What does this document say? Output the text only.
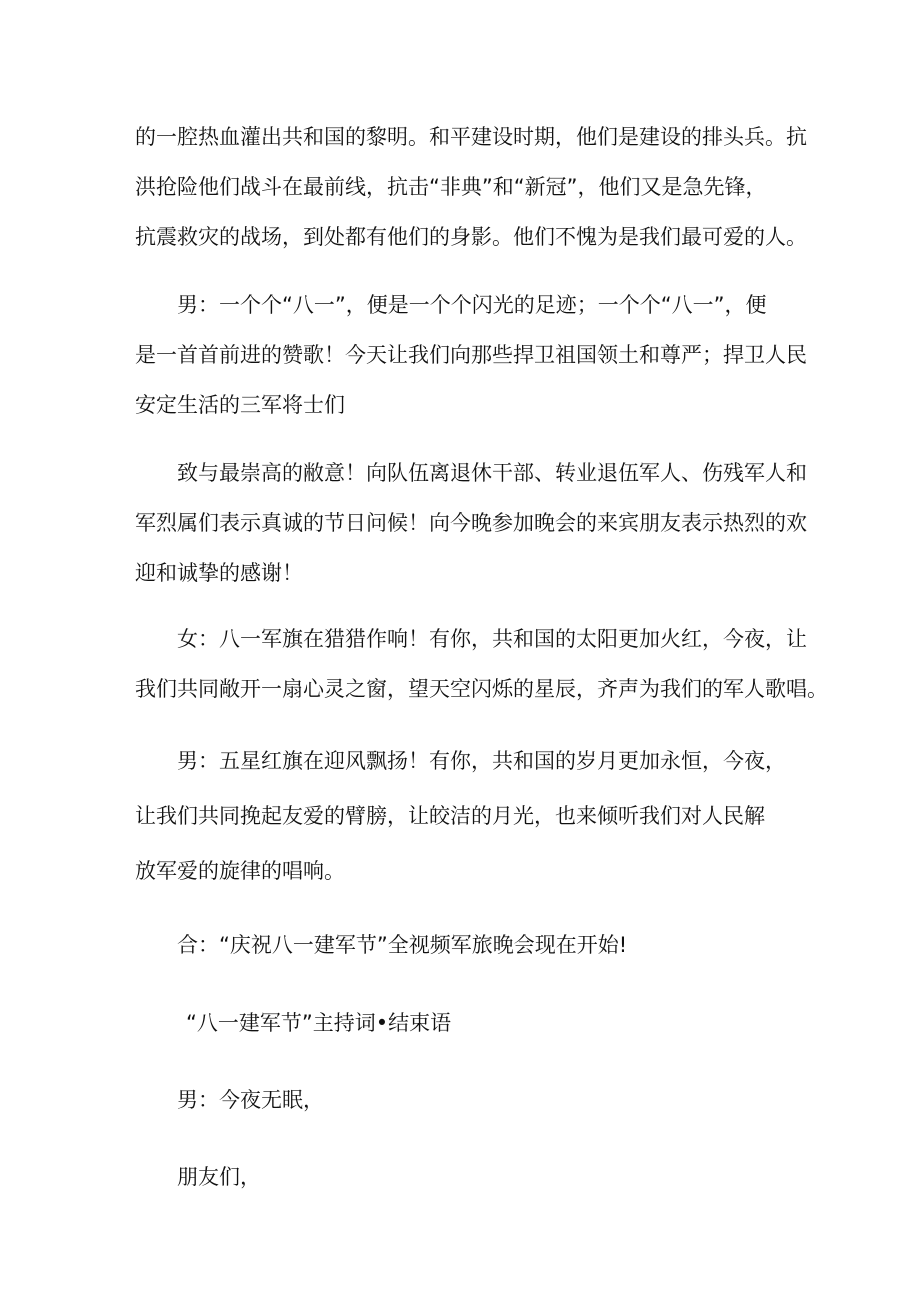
的一腔热血灌出共和国的黎明。和平建设时期，他们是建设的排头兵。抗
洪抢险他们战斗在最前线，抗击“非典”和“新冠”，他们又是急先锋，
抗震救灾的战场，到处都有他们的身影。他们不愧为是我们最可爱的人。
男：一个个“八一”，便是一个个闪光的足迹；一个个“八一”，便
是一首首前进的赞歌！今天让我们向那些捍卫祖国领土和尊严；捍卫人民
安定生活的三军将士们
致与最崇高的敝意！向队伍离退休干部、转业退伍军人、伤残军人和
军烈属们表示真诚的节日问候！向今晚参加晚会的来宾朋友表示热烈的欢
迎和诚挚的感谢！
女：八一军旗在猎猎作响！有你，共和国的太阳更加火红，今夜，让
我们共同敞开一扇心灵之窗，望天空闪烁的星辰，齐声为我们的军人歌唱。
男：五星红旗在迎风飘扬！有你，共和国的岁月更加永恒，今夜，
让我们共同挽起友爱的臂膀，让皎洁的月光，也来倾听我们对人民解
放军爱的旋律的唱响。
合：“庆祝八一建军节”全视频军旅晚会现在开始!
“八一建军节”主持词•结束语
男：今夜无眠，
朋友们，
